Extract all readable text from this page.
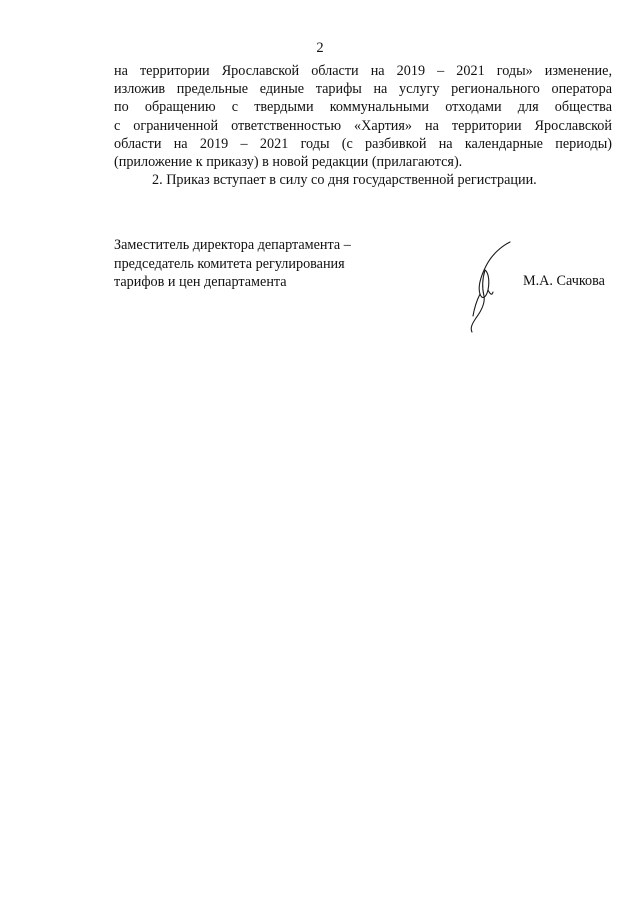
2
на территории Ярославской области на 2019 – 2021 годы» изменение,
изложив предельные единые тарифы на услугу регионального оператора
по обращению с твердыми коммунальными отходами для общества
с ограниченной ответственностью «Хартия» на территории Ярославской
области на 2019 – 2021 годы (с разбивкой на календарные периоды)
(приложение к приказу) в новой редакции (прилагаются).
2. Приказ вступает в силу со дня государственной регистрации.
Заместитель директора департамента –
председатель комитета регулирования
тарифов и цен департамента	М.А. Сачкова
